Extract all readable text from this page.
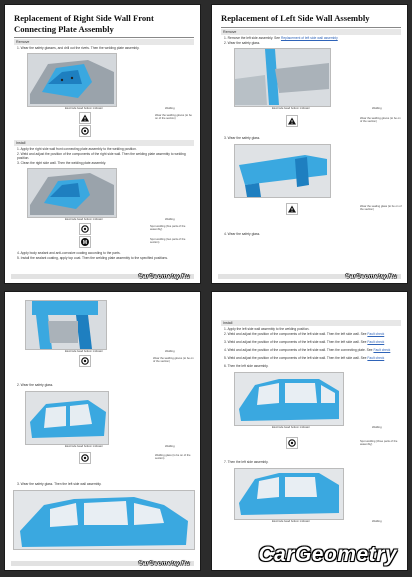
Replacement of Right Side Wall Front Connecting Plate Assembly
Remove
1. Wear the safety glasses, and drill out the rivets. Then the welding plate assembly.
Electrode bead bottom indicator	Welding
Wear the welding gloves (to be on of the section)
Install
1. Apply the right side wall front connecting plate assembly to the welding position.
2. Weld and adjust the position of the components of the right side wall. Then the welding plate assembly to welding position.
3. Clean the right side wall. Then the welding plate assembly.
Electrode bead bottom indicator	Welding
Spot welding (five parts of the assembly)
M
Spot welding (two parts of the section)
4. Apply body sealant and anti-corrosive coating according to the parts.
5. Install the sealant coating, apply top coat. Then the welding plate assembly to the specified positions.
CarGeometry.Ru
Replacement of Left Side Wall Assembly
Remove
1. Remove the left side assembly. See Replacement of left side wall assembly
2. Wear the safety glass.
Electrode bead bottom indicator	Welding
Wear the welding gloves (to be on of the section)
3. Wear the safety glass.
Wear the sealing glass (to be on of the section)
4. Wear the safety glass.
CarGeometry.Ru
Electrode bead bottom indicator	Welding
Wear the welding gloves (to be on of the section)
2. Wear the safety glass.
Electrode bead bottom indicator	Welding
Welding glass (to be on of the section)
3. Wear the safety glass. Then the left side wall assembly.
CarGeometry.Ru
Install
1. Apply the left side wall assembly to the welding position.
2. Weld and adjust the position of the components of the left side wall. Then the left side wall. See Fault check
3. Weld and adjust the position of the components of the left side wall. Then the left side wall. See Fault check
4. Weld and adjust the position of the components of the left side wall. Then the connecting plate. See Fault check
5. Weld and adjust the position of the components of the left side wall. Then the left side wall. See Fault check
6. Then the left side assembly.
Electrode bead bottom indicator	Welding
Spot welding (three parts of the assembly)
7. Then the left side assembly.
Electrode bead bottom indicator	Welding
CarGeometry
